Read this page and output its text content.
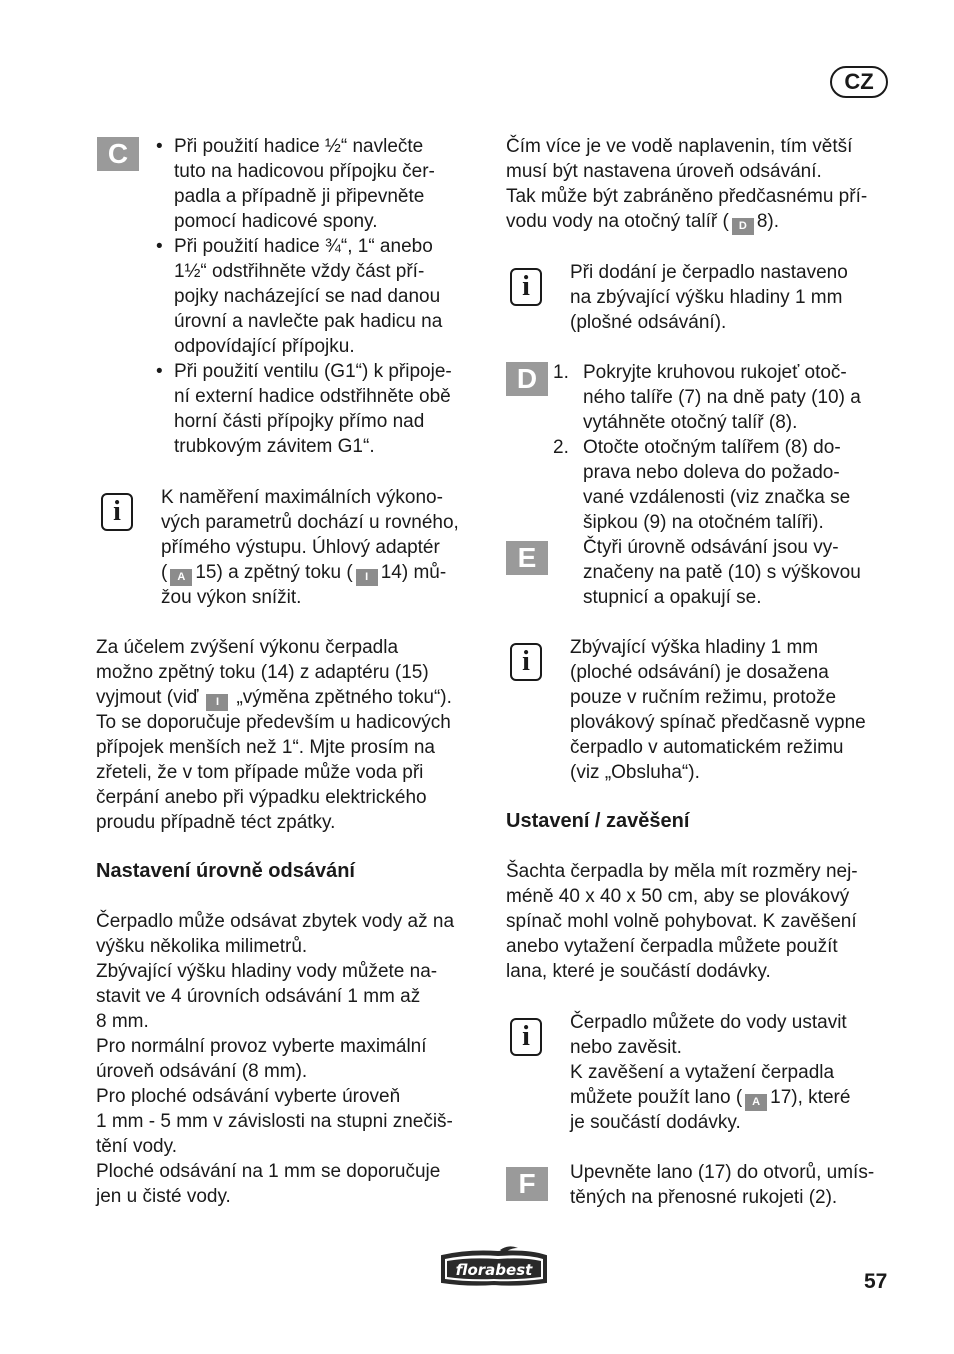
CZ
C	• Při použití hadice ½“ navlečte
tuto na hadicovou přípojku čer-
padla a případně ji připevněte
pomocí hadicové spony.
• Při použití hadice ¾“, 1“ anebo
1½“ odstřihněte vždy část pří-
pojky nacházející se nad danou
úrovní a navlečte pak hadicu na
odpovídající přípojku.
• Při použití ventilu (G1“) k připoje-
ní externí hadice odstřihněte obě
horní části přípojky přímo nad
trubkovým závitem G1“.
i	K naměření maximálních výkono-
vých parametrů dochází u rovného,
přímého výstupu. Úhlový adaptér
( A 15) a zpětný toku ( I 14) mů-
žou výkon snížit.
Za účelem zvýšení výkonu čerpadla
možno zpětný toku (14) z adaptéru (15)
vyjmout (viď I „výměna zpětného toku“).
To se doporučuje především u hadicových
přípojek menších než 1“. Mjte prosím na
zřeteli, že v tom případe může voda při
čerpání anebo při výpadku elektrického
proudu případně téct zpátky.
Nastavení úrovně odsávání
Čerpadlo může odsávat zbytek vody až na
výšku několika milimetrů.
Zbývající výšku hladiny vody můžete na-
stavit ve 4 úrovních odsávání 1 mm až
8 mm.
Pro normální provoz vyberte maximální
úroveň odsávání (8 mm).
Pro ploché odsávání vyberte úroveň
1 mm - 5 mm v závislosti na stupni znečiš-
tění vody.
Ploché odsávání na 1 mm se doporučuje
jen u čisté vody.
Čím více je ve vodě naplavenin, tím větší
musí být nastavena úroveň odsávání.
Tak může být zabráněno předčasnému pří-
vodu vody na otočný talíř ( D 8).
i	Při dodání je čerpadlo nastaveno
na zbývající výšku hladiny 1 mm
(plošné odsávání).
D
E
1. Pokryjte kruhovou rukojeť otoč-
ného talíře (7) na dně paty (10) a
vytáhněte otočný talíř (8).
2. Otočte otočným talířem (8) do-
prava nebo doleva do požado-
vané vzdálenosti (viz značka se
šipkou (9) na otočném talíři).
Čtyři úrovně odsávání jsou vy-
značeny na patě (10) s výškovou
stupnicí a opakují se.
i	Zbývající výška hladiny 1 mm
(ploché odsávání) je dosažena
pouze v ručním režimu, protože
plovákový spínač předčasně vypne
čerpadlo v automatickém režimu
(viz „Obsluha“).
Ustavení / zavěšení
Šachta čerpadla by měla mít rozměry nej-
méně 40 x 40 x 50 cm, aby se plovákový
spínač mohl volně pohybovat. K zavěšení
anebo vytažení čerpadla můžete použít
lana, které je součástí dodávky.
i	Čerpadlo můžete do vody ustavit
nebo zavěsit.
K zavěšení a vytažení čerpadla
můžete použít lano ( A 17), které
je součástí dodávky.
F	Upevněte lano (17) do otvorů, umís-
těných na přenosné rukojeti (2).
florabest	57
